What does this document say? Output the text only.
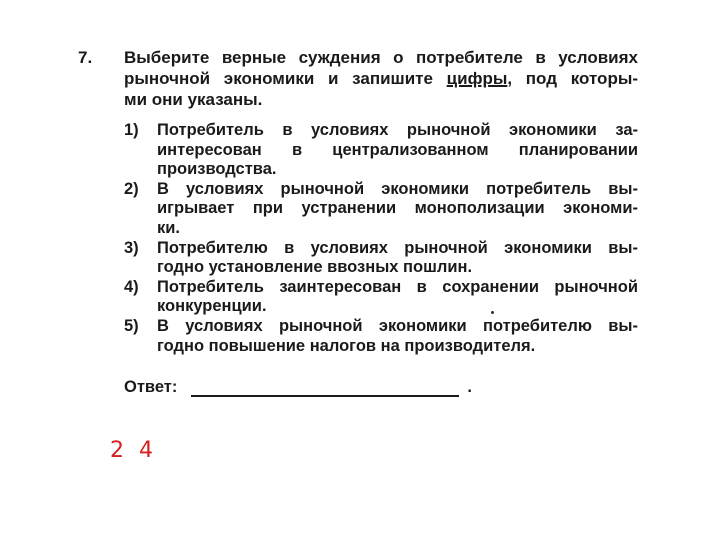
7. Выберите верные суждения о потребителе в условиях
рыночной экономики и запишите цифры, под которы-
ми они указаны.
1) Потребитель в условиях рыночной экономики за-
интересован в централизованном планировании
производства.
2) В условиях рыночной экономики потребитель вы-
игрывает при устранении монополизации экономи-
ки.
3) Потребителю в условиях рыночной экономики вы-
годно установление ввозных пошлин.
4) Потребитель заинтересован в сохранении рыночной
конкуренции.
5) В условиях рыночной экономики потребителю вы-
годно повышение налогов на производителя.
Ответ:	.
2 4
